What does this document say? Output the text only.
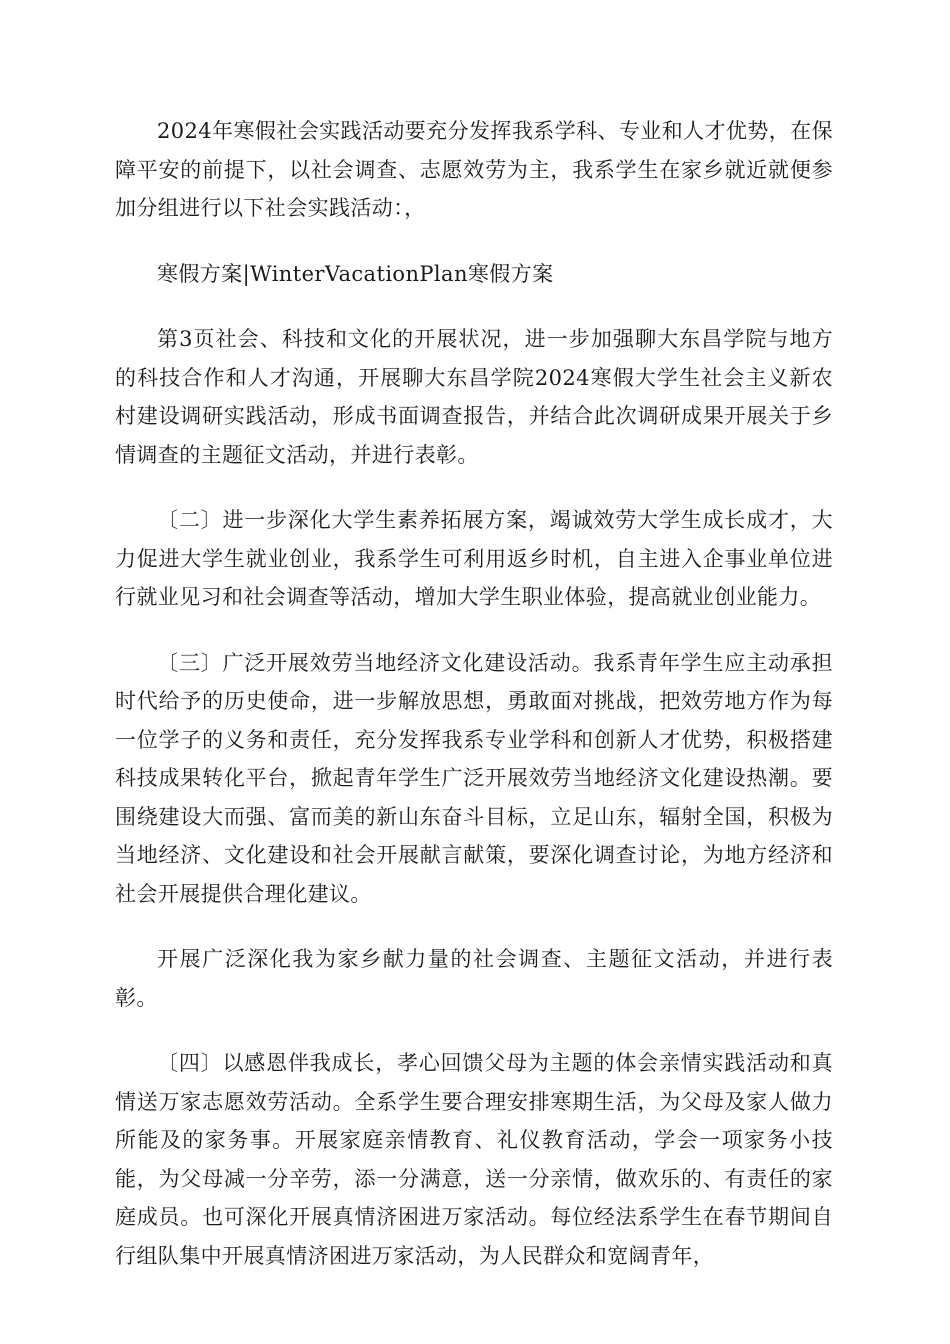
2024年寒假社会实践活动要充分发挥我系学科、专业和人才优势，在保障平安的前提下，以社会调查、志愿效劳为主，我系学生在家乡就近就便参加分组进行以下社会实践活动：，

寒假方案|WinterVacationPlan寒假方案

第3页社会、科技和文化的开展状况，进一步加强聊大东昌学院与地方的科技合作和人才沟通，开展聊大东昌学院2024寒假大学生社会主义新农村建设调研实践活动，形成书面调查报告，并结合此次调研成果开展关于乡情调查的主题征文活动，并进行表彰。

〔二〕进一步深化大学生素养拓展方案，竭诚效劳大学生成长成才，大力促进大学生就业创业，我系学生可利用返乡时机，自主进入企事业单位进行就业见习和社会调查等活动，增加大学生职业体验，提高就业创业能力。

〔三〕广泛开展效劳当地经济文化建设活动。我系青年学生应主动承担时代给予的历史使命，进一步解放思想，勇敢面对挑战，把效劳地方作为每一位学子的义务和责任，充分发挥我系专业学科和创新人才优势，积极搭建科技成果转化平台，掀起青年学生广泛开展效劳当地经济文化建设热潮。要围绕建设大而强、富而美的新山东奋斗目标，立足山东，辐射全国，积极为当地经济、文化建设和社会开展献言献策，要深化调查讨论，为地方经济和社会开展提供合理化建议。

开展广泛深化我为家乡献力量的社会调查、主题征文活动，并进行表彰。

〔四〕以感恩伴我成长，孝心回馈父母为主题的体会亲情实践活动和真情送万家志愿效劳活动。全系学生要合理安排寒期生活，为父母及家人做力所能及的家务事。开展家庭亲情教育、礼仪教育活动，学会一项家务小技能，为父母减一分辛劳，添一分满意，送一分亲情，做欢乐的、有责任的家庭成员。也可深化开展真情济困进万家活动。每位经法系学生在春节期间自行组队集中开展真情济困进万家活动，为人民群众和宽阔青年，
